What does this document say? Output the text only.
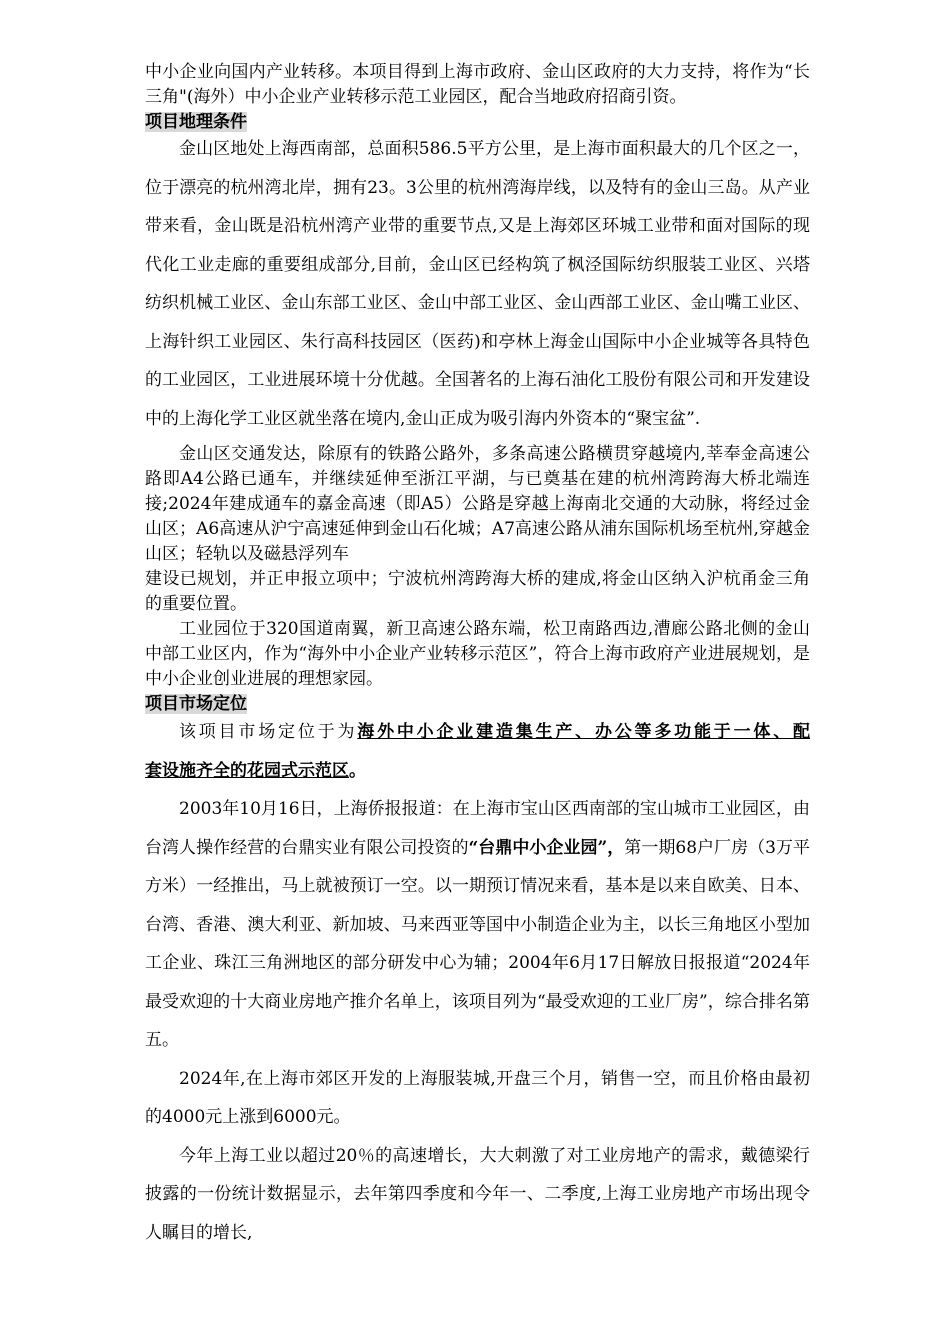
中小企业向国内产业转移。本项目得到上海市政府、金山区政府的大力支持，将作为“长三角"(海外）中小企业产业转移示范工业园区，配合当地政府招商引资。

项目地理条件

金山区地处上海西南部，总面积586.5平方公里，是上海市面积最大的几个区之一，位于漂亮的杭州湾北岸，拥有23。3公里的杭州湾海岸线，以及特有的金山三岛。从产业带来看，金山既是沿杭州湾产业带的重要节点,又是上海郊区环城工业带和面对国际的现代化工业走廊的重要组成部分,目前，金山区已经构筑了枫泾国际纺织服装工业区、兴塔纺织机械工业区、金山东部工业区、金山中部工业区、金山西部工业区、金山嘴工业区、上海针织工业园区、朱行高科技园区（医药)和亭林上海金山国际中小企业城等各具特色的工业园区，工业进展环境十分优越。全国著名的上海石油化工股份有限公司和开发建设中的上海化学工业区就坐落在境内,金山正成为吸引海内外资本的“聚宝盆”.

金山区交通发达，除原有的铁路公路外，多条高速公路横贯穿越境内,莘奉金高速公路即A4公路已通车，并继续延伸至浙江平湖，与已奠基在建的杭州湾跨海大桥北端连接;2024年建成通车的嘉金高速（即A5）公路是穿越上海南北交通的大动脉，将经过金山区；A6高速从沪宁高速延伸到金山石化城；A7高速公路从浦东国际机场至杭州,穿越金山区；轻轨以及磁悬浮列车

建设已规划，并正申报立项中；宁波杭州湾跨海大桥的建成,将金山区纳入沪杭甬金三角的重要位置。

工业园位于320国道南翼，新卫高速公路东端，松卫南路西边,漕廊公路北侧的金山中部工业区内，作为“海外中小企业产业转移示范区”，符合上海市政府产业进展规划，是中小企业创业进展的理想家园。

项目市场定位

该项目市场定位于为海外中小企业建造集生产、办公等多功能于一体、配
套设施齐全的花园式示范区。

2003年10月16日，上海侨报报道：在上海市宝山区西南部的宝山城市工业园区，由台湾人操作经营的台鼎实业有限公司投资的“台鼎中小企业园”，第一期68户厂房（3万平方米）一经推出，马上就被预订一空。以一期预订情况来看，基本是以来自欧美、日本、台湾、香港、澳大利亚、新加坡、马来西亚等国中小制造企业为主，以长三角地区小型加工企业、珠江三角洲地区的部分研发中心为辅；2004年6月17日解放日报报道“2024年最受欢迎的十大商业房地产推介名单上，该项目列为“最受欢迎的工业厂房”，综合排名第五。

2024年,在上海市郊区开发的上海服装城,开盘三个月，销售一空，而且价格由最初的4000元上涨到6000元。

今年上海工业以超过20％的高速增长，大大刺激了对工业房地产的需求，戴德梁行披露的一份统计数据显示，去年第四季度和今年一、二季度,上海工业房地产市场出现令人瞩目的增长,
